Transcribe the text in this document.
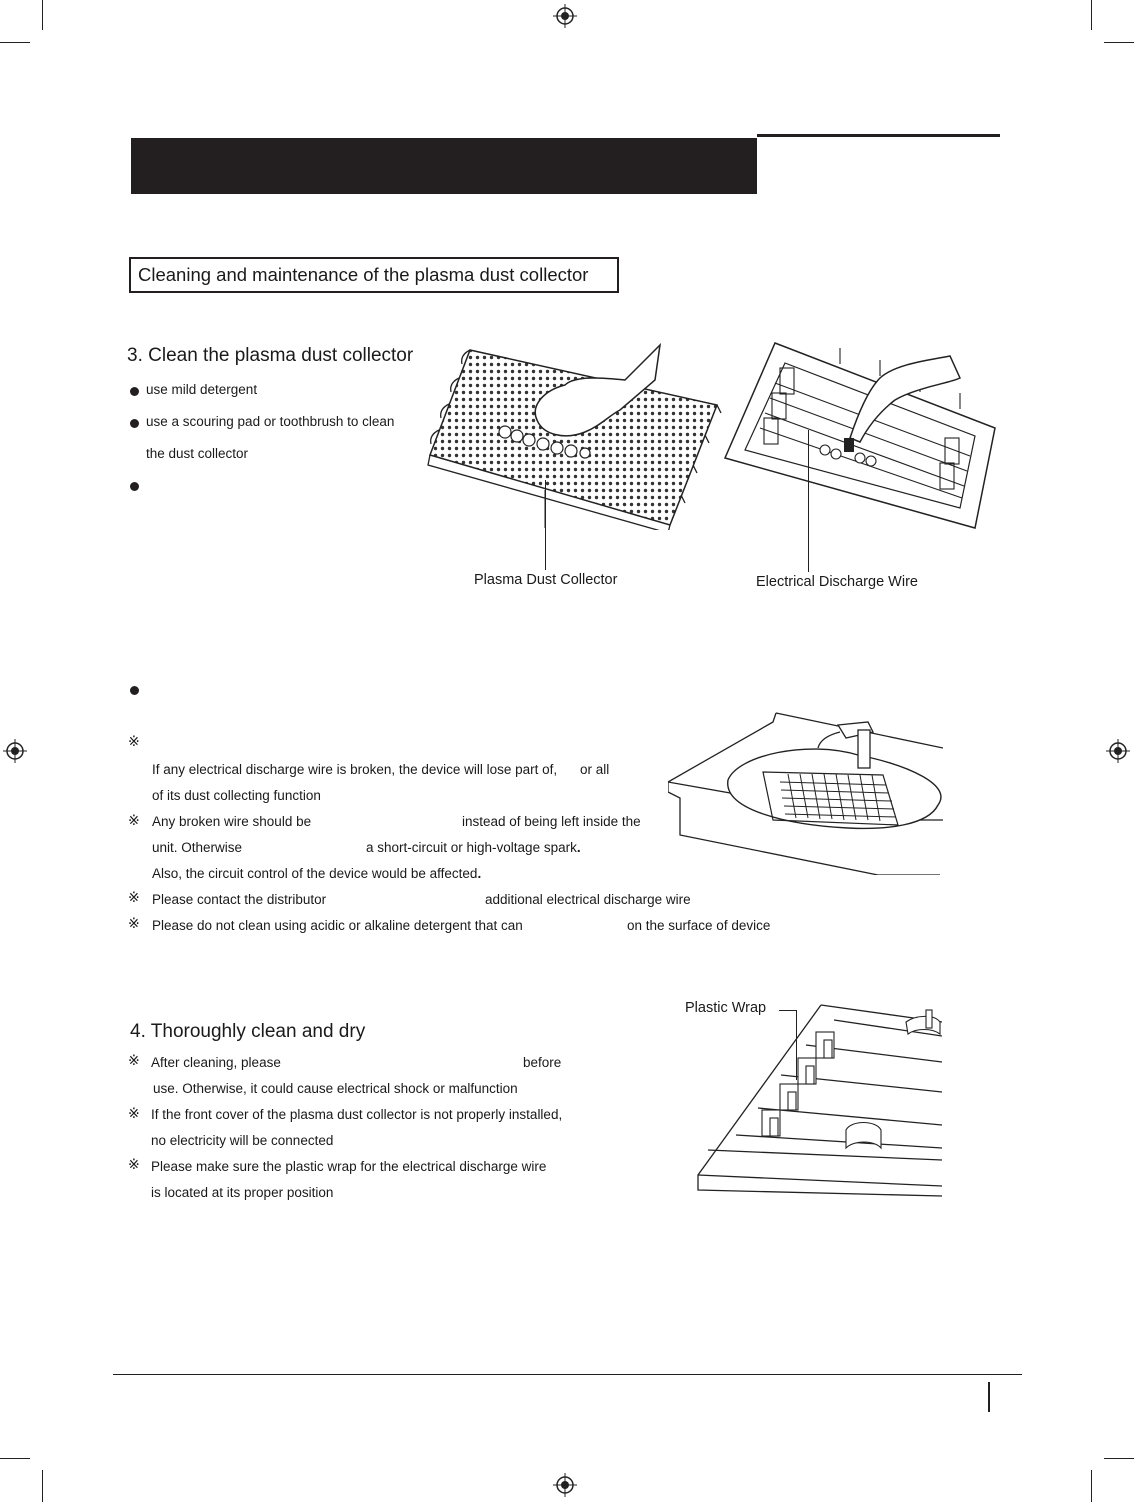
Cleaning and maintenance of the plasma dust collector
3. Clean the plasma dust collector
use mild detergent
use a scouring pad or toothbrush to clean
the dust collector
Plasma Dust Collector	Electrical Discharge Wire
※
If any electrical discharge wire is broken, the device will lose part of, or all
of its dust collecting function
※ Any broken wire should be	instead of being left inside the
unit. Otherwise	a short-circuit or high-voltage spark.
Also, the circuit control of the device would be affected.
※ Please contact the distributor	additional electrical discharge wire
※ Please do not clean using acidic or alkaline detergent that can	on the surface of device
4. Thoroughly clean and dry
※ After cleaning, please	before
use. Otherwise, it could cause electrical shock or malfunction
※ If the front cover of the plasma dust collector is not properly installed,
no electricity will be connected
※ Please make sure the plastic wrap for the electrical discharge wire
is located at its proper position
Plastic Wrap
